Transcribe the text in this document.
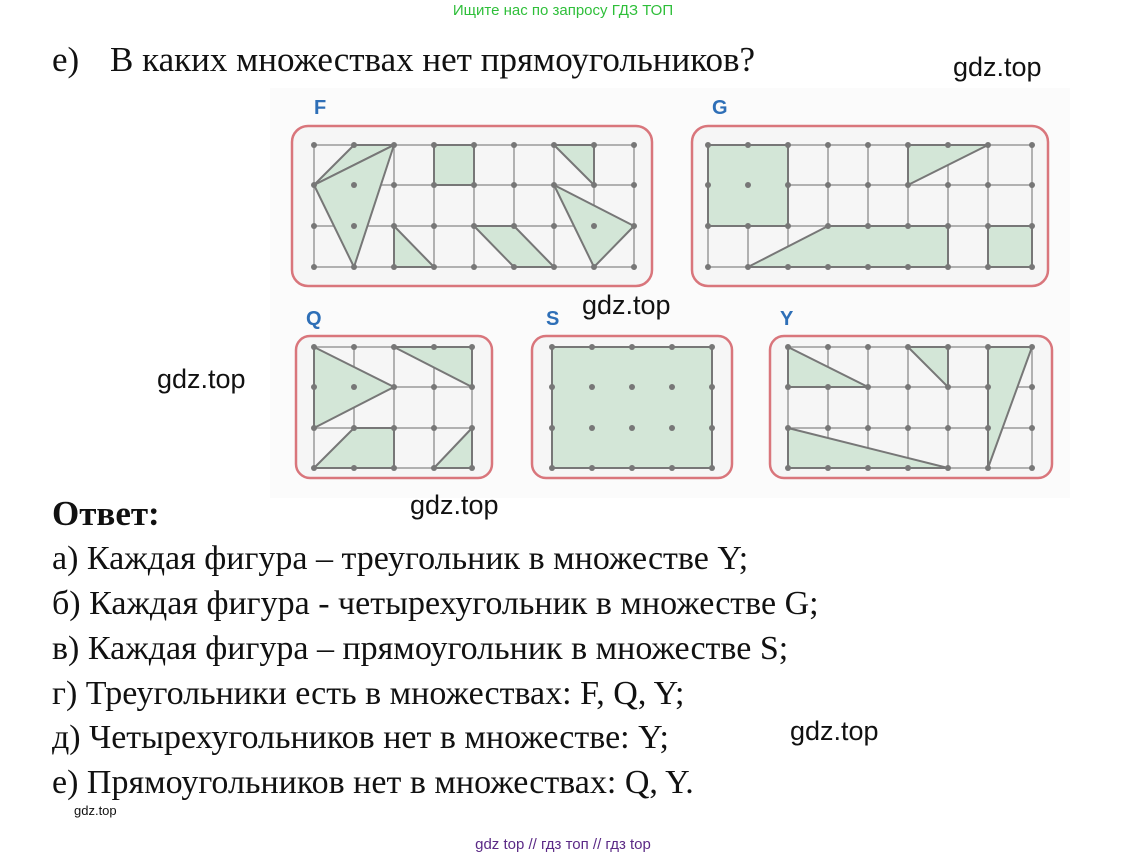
Ищите нас по запросу ГДЗ ТОП
е) В каких множествах нет прямоугольников?	gdz.top
F	G
Q	S	Y
gdz.top
gdz.top
gdz.top
Ответ:
а) Каждая фигура – треугольник в множестве Y;
б) Каждая фигура - четырехугольник в множестве G;
в) Каждая фигура – прямоугольник в множестве S;
г) Треугольники есть в множествах: F, Q, Y;
д) Четырехугольников нет в множестве: Y;
е) Прямоугольников нет в множествах: Q, Y.
gdz.top
gdz.top
gdz top // гдз топ // гдз top
